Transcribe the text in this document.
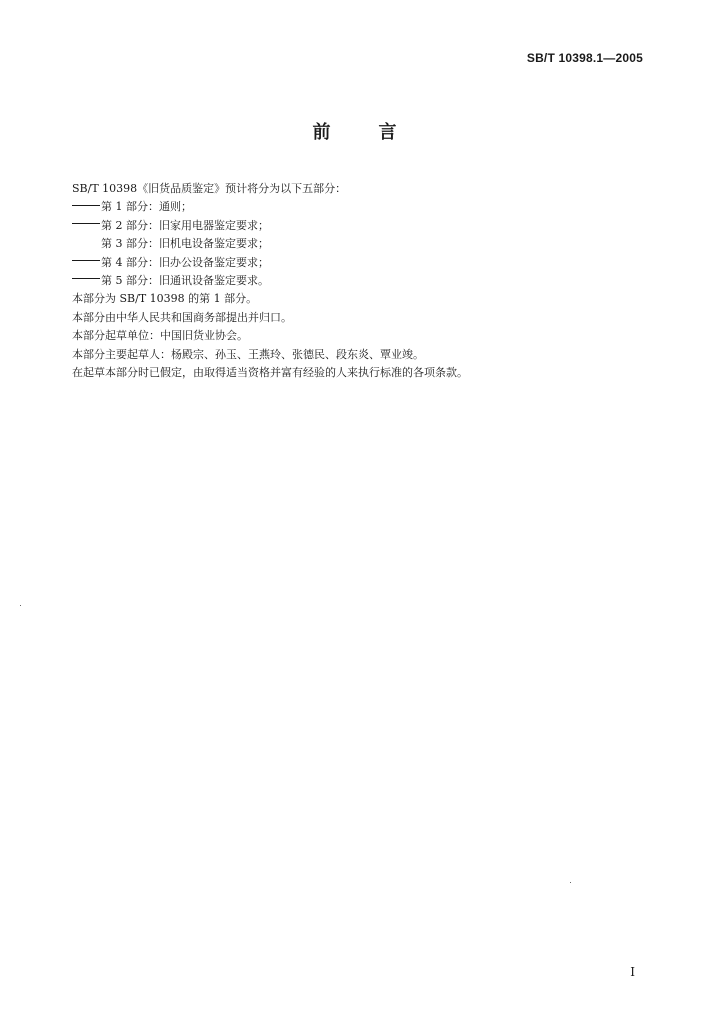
SB/T 10398.1—2005
前	言
SB/T 10398《旧货品质鉴定》预计将分为以下五部分：
第 1 部分：通则；
第 2 部分：旧家用电器鉴定要求；
第 3 部分：旧机电设备鉴定要求；
第 4 部分：旧办公设备鉴定要求；
第 5 部分：旧通讯设备鉴定要求。
本部分为 SB/T 10398 的第 1 部分。
本部分由中华人民共和国商务部提出并归口。
本部分起草单位：中国旧货业协会。
本部分主要起草人：杨殿宗、孙玉、王燕玲、张德民、段东炎、覃业竣。
在起草本部分时已假定，由取得适当资格并富有经验的人来执行标准的各项条款。
I
